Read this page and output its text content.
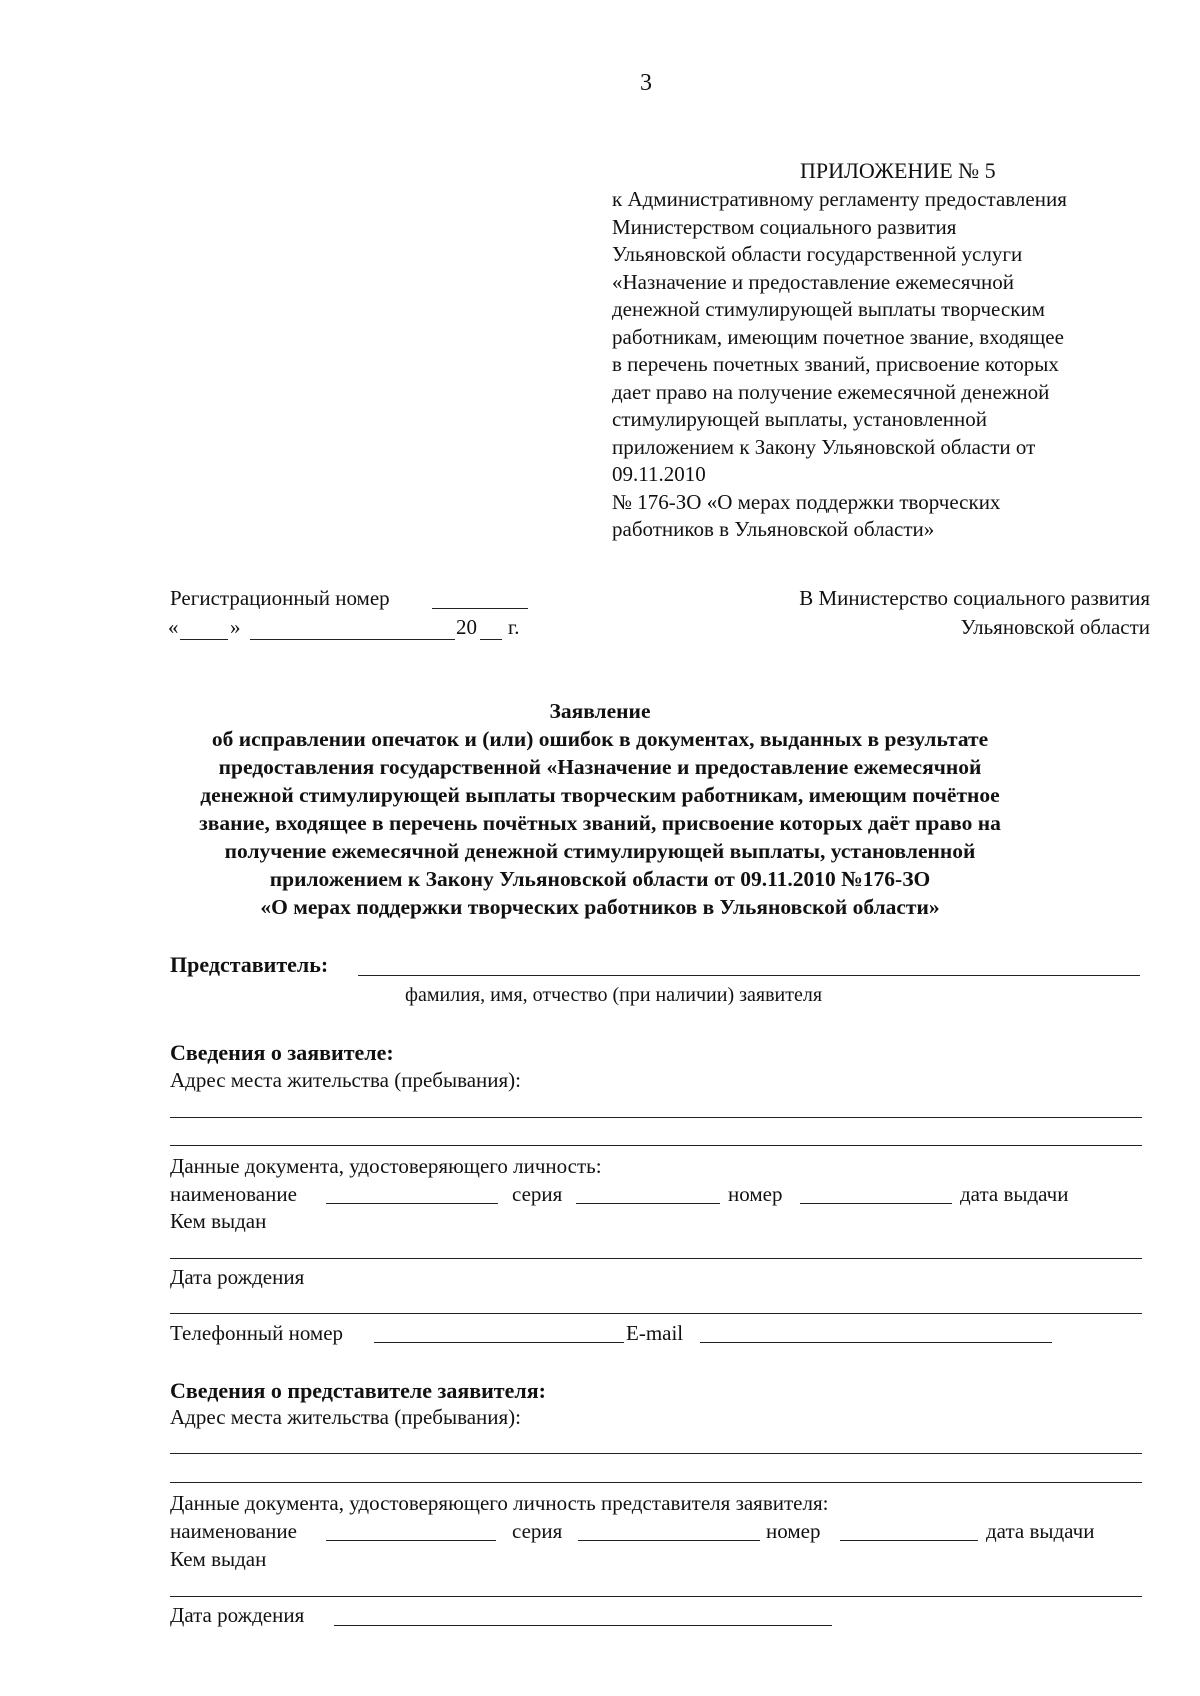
3
ПРИЛОЖЕНИЕ № 5
к Административному регламенту предоставления
Министерством социального развития
Ульяновской области государственной услуги
«Назначение и предоставление ежемесячной
денежной стимулирующей выплаты творческим
работникам, имеющим почетное звание, входящее
в перечень почетных званий, присвоение которых
дает право на получение ежемесячной денежной
стимулирующей выплаты, установленной
приложением к Закону Ульяновской области от
09.11.2010
№ 176-ЗО «О мерах поддержки творческих
работников в Ульяновской области»
Регистрационный номер
« »	20 г.
В Министерство социального развития
Ульяновской области
Заявление
об исправлении опечаток и (или) ошибок в документах, выданных в результате
предоставления государственной «Назначение и предоставление ежемесячной
денежной стимулирующей выплаты творческим работникам, имеющим почётное
звание, входящее в перечень почётных званий, присвоение которых даёт право на
получение ежемесячной денежной стимулирующей выплаты, установленной
приложением к Закону Ульяновской области от 09.11.2010 №176-ЗО
«О мерах поддержки творческих работников в Ульяновской области»
Представитель:
фамилия, имя, отчество (при наличии) заявителя
Сведения о заявителе:
Адрес места жительства (пребывания):
Данные документа, удостоверяющего личность:
наименование	серия	номер	дата выдачи
Кем выдан
Дата рождения
Телефонный номер	E-mail
Сведения о представителе заявителя:
Адрес места жительства (пребывания):
Данные документа, удостоверяющего личность представителя заявителя:
наименование	серия	номер	дата выдачи
Кем выдан
Дата рождения
